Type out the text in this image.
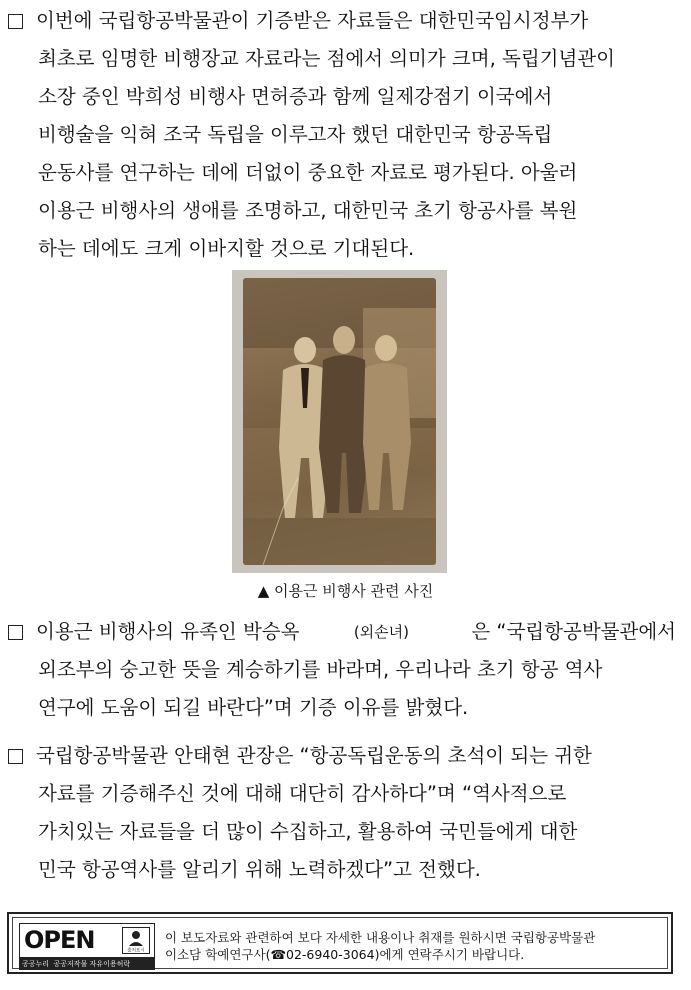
이번에 국립항공박물관이 기증받은 자료들은 대한민국임시정부가
최초로 임명한 비행장교 자료라는 점에서 의미가 크며, 독립기념관이
소장 중인 박희성 비행사 면허증과 함께 일제강점기 이국에서
비행술을 익혀 조국 독립을 이루고자 했던 대한민국 항공독립
운동사를 연구하는 데에 더없이 중요한 자료로 평가된다. 아울러
이용근 비행사의 생애를 조명하고, 대한민국 초기 항공사를 복원
하는 데에도 크게 이바지할 것으로 기대된다.
▲ 이용근 비행사 관련 사진
이용근 비행사의 유족인 박승옥	(외손녀)	은 “국립항공박물관에서
외조부의 숭고한 뜻을 계승하기를 바라며, 우리나라 초기 항공 역사
연구에 도움이 되길 바란다”며 기증 이유를 밝혔다.
국립항공박물관 안태현 관장은 “항공독립운동의 초석이 되는 귀한
자료를 기증해주신 것에 대해 대단히 감사하다”며 “역사적으로
가치있는 자료들을 더 많이 수집하고, 활용하여 국민들에게 대한
민국 항공역사를 알리기 위해 노력하겠다”고 전했다.
OPEN	출처표시
공공누리 공공저작물 자유이용허락
이 보도자료와 관련하여 보다 자세한 내용이나 취재를 원하시면 국립항공박물관
이소담 학예연구사(☎02-6940-3064)에게 연락주시기 바랍니다.
